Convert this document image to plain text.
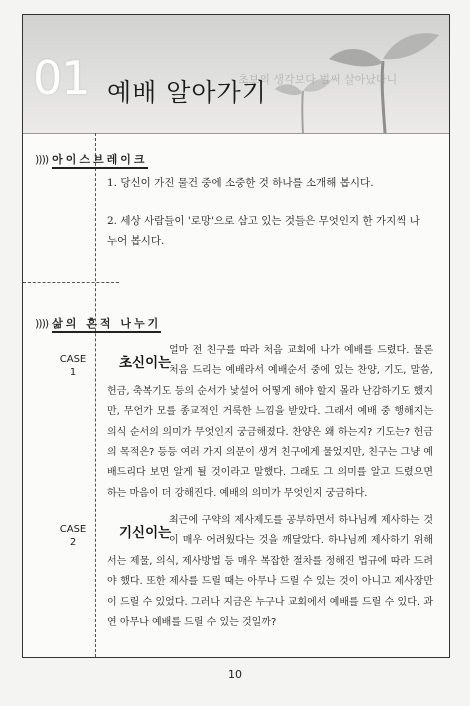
초보의 생각보다 벌써 살아났다니
01 예배 알아가기
)))) 아이스브레이크
1. 당신이 가진 물건 중에 소중한 것 하나를 소개해 봅시다.
2. 세상 사람들이 '로망'으로 삼고 있는 것들은 무엇인지 한 가지씩 나누어 봅시다.
)))) 삶의 흔적 나누기
CASE
1
초신이는
얼마 전 친구를 따라 처음 교회에 나가 예배를 드렸다. 물론 처음 드리는 예배라서 예배순서 중에 있는 찬양, 기도, 말씀, 헌금, 축복기도 등의 순서가 낯설어 어떻게 해야 할지 몰라 난감하기도 했지만, 무언가 모를 종교적인 거룩한 느낌을 받았다. 그래서 예배 중 행해지는 의식 순서의 의미가 무엇인지 궁금해졌다. 찬양은 왜 하는지? 기도는? 헌금의 목적은? 등등 여러 가지 의문이 생겨 친구에게 물었지만, 친구는 그냥 예배드리다 보면 알게 될 것이라고 말했다. 그래도 그 의미를 알고 드렸으면 하는 마음이 더 강해진다. 예배의 의미가 무엇인지 궁금하다.
CASE
2
기신이는
최근에 구약의 제사제도를 공부하면서 하나님께 제사하는 것이 매우 어려웠다는 것을 깨달았다. 하나님께 제사하기 위해서는 제물, 의식, 제사방법 등 매우 복잡한 절차를 정해진 법규에 따라 드려야 했다. 또한 제사를 드릴 때는 아무나 드릴 수 있는 것이 아니고 제사장만이 드릴 수 있었다. 그러나 지금은 누구나 교회에서 예배를 드릴 수 있다. 과연 아무나 예배를 드릴 수 있는 것일까?
10
